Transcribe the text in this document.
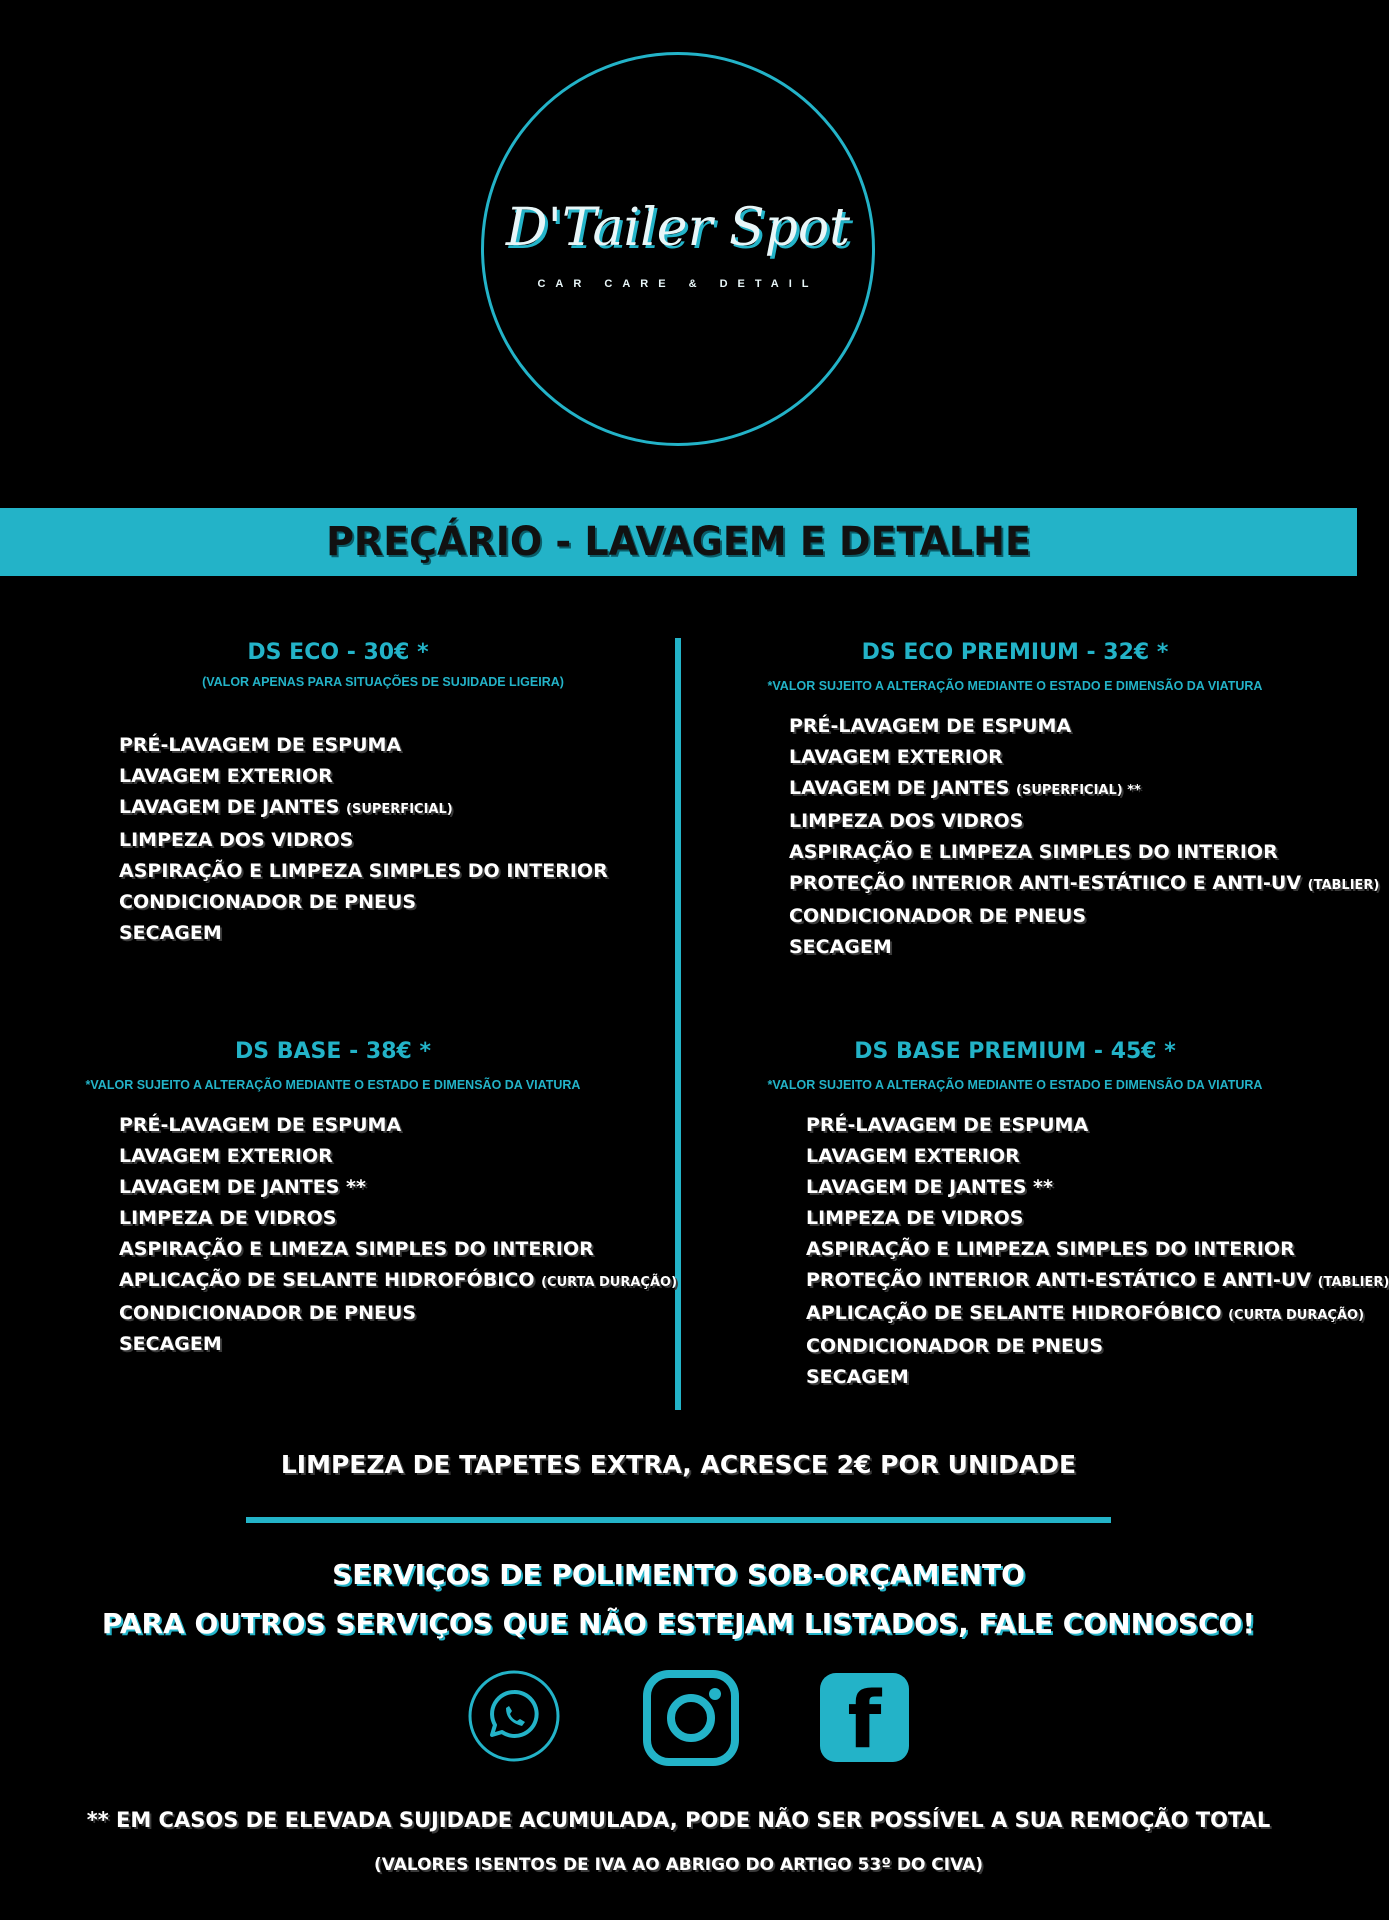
D'Tailer Spot
CAR CARE & DETAIL
PREÇÁRIO - LAVAGEM E DETALHE
DS ECO - 30€ *
(VALOR APENAS PARA SITUAÇÕES DE SUJIDADE LIGEIRA)
PRÉ-LAVAGEM DE ESPUMA
LAVAGEM EXTERIOR
LAVAGEM DE JANTES (SUPERFICIAL)
LIMPEZA DOS VIDROS
ASPIRAÇÃO E LIMPEZA SIMPLES DO INTERIOR
CONDICIONADOR DE PNEUS
SECAGEM
DS ECO PREMIUM - 32€ *
*VALOR SUJEITO A ALTERAÇÃO MEDIANTE O ESTADO E DIMENSÃO DA VIATURA
PRÉ-LAVAGEM DE ESPUMA
LAVAGEM EXTERIOR
LAVAGEM DE JANTES (SUPERFICIAL) **
LIMPEZA DOS VIDROS
ASPIRAÇÃO E LIMPEZA SIMPLES DO INTERIOR
PROTEÇÃO INTERIOR ANTI-ESTÁTIICO E ANTI-UV (TABLIER)
CONDICIONADOR DE PNEUS
SECAGEM
DS BASE - 38€ *
*VALOR SUJEITO A ALTERAÇÃO MEDIANTE O ESTADO E DIMENSÃO DA VIATURA
PRÉ-LAVAGEM DE ESPUMA
LAVAGEM EXTERIOR
LAVAGEM DE JANTES **
LIMPEZA DE VIDROS
ASPIRAÇÃO E LIMEZA SIMPLES DO INTERIOR
APLICAÇÃO DE SELANTE HIDROFÓBICO (CURTA DURAÇÃO)
CONDICIONADOR DE PNEUS
SECAGEM
DS BASE PREMIUM - 45€ *
*VALOR SUJEITO A ALTERAÇÃO MEDIANTE O ESTADO E DIMENSÃO DA VIATURA
PRÉ-LAVAGEM DE ESPUMA
LAVAGEM EXTERIOR
LAVAGEM DE JANTES **
LIMPEZA DE VIDROS
ASPIRAÇÃO E LIMPEZA SIMPLES DO INTERIOR
PROTEÇÃO INTERIOR ANTI-ESTÁTICO E ANTI-UV (TABLIER)
APLICAÇÃO DE SELANTE HIDROFÓBICO (CURTA DURAÇÃO)
CONDICIONADOR DE PNEUS
SECAGEM
LIMPEZA DE TAPETES EXTRA, ACRESCE 2€ POR UNIDADE
SERVIÇOS DE POLIMENTO SOB-ORÇAMENTO
PARA OUTROS SERVIÇOS QUE NÃO ESTEJAM LISTADOS, FALE CONNOSCO!
f
** EM CASOS DE ELEVADA SUJIDADE ACUMULADA, PODE NÃO SER POSSÍVEL A SUA REMOÇÃO TOTAL
(VALORES ISENTOS DE IVA AO ABRIGO DO ARTIGO 53º DO CIVA)
